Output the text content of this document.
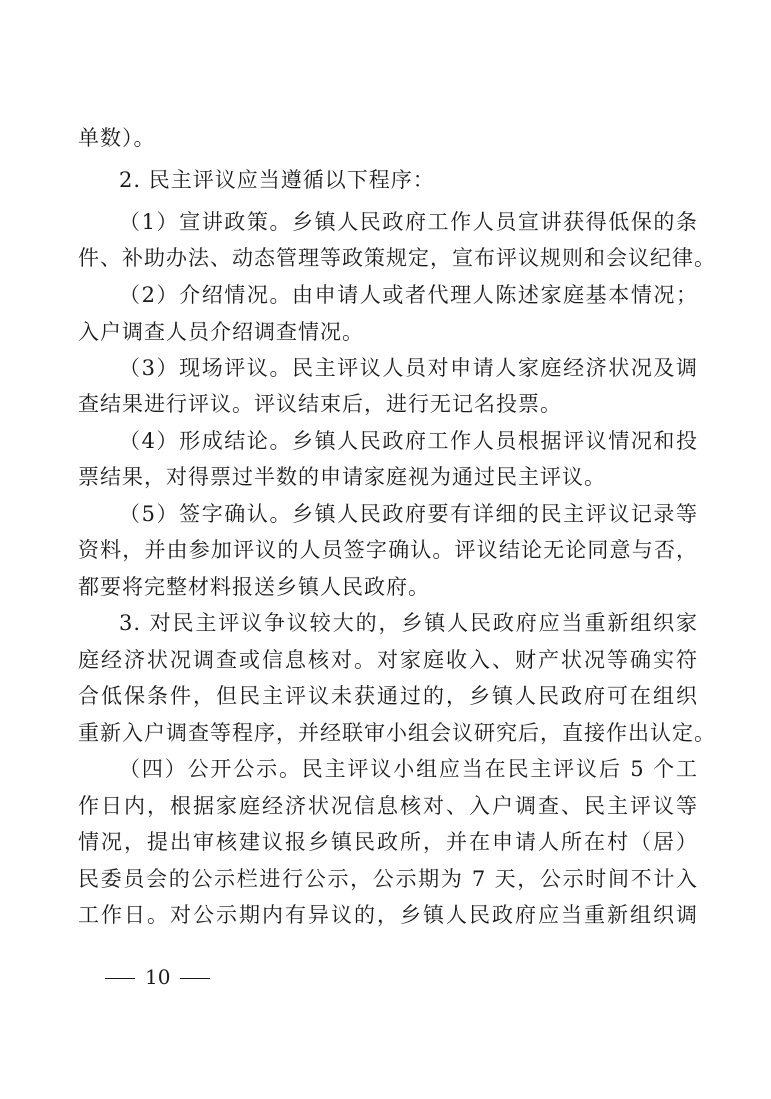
单数）。
2. 民主评议应当遵循以下程序：
（1）宣讲政策。乡镇人民政府工作人员宣讲获得低保的条
件、补助办法、动态管理等政策规定，宣布评议规则和会议纪律。
（2）介绍情况。由申请人或者代理人陈述家庭基本情况；
入户调查人员介绍调查情况。
（3）现场评议。民主评议人员对申请人家庭经济状况及调
查结果进行评议。评议结束后，进行无记名投票。
（4）形成结论。乡镇人民政府工作人员根据评议情况和投
票结果，对得票过半数的申请家庭视为通过民主评议。
（5）签字确认。乡镇人民政府要有详细的民主评议记录等
资料，并由参加评议的人员签字确认。评议结论无论同意与否，
都要将完整材料报送乡镇人民政府。
3. 对民主评议争议较大的，乡镇人民政府应当重新组织家
庭经济状况调查或信息核对。对家庭收入、财产状况等确实符
合低保条件，但民主评议未获通过的，乡镇人民政府可在组织
重新入户调查等程序，并经联审小组会议研究后，直接作出认定。
（四）公开公示。民主评议小组应当在民主评议后 5 个工
作日内，根据家庭经济状况信息核对、入户调查、民主评议等
情况，提出审核建议报乡镇民政所，并在申请人所在村（居）
民委员会的公示栏进行公示，公示期为 7 天，公示时间不计入
工作日。对公示期内有异议的，乡镇人民政府应当重新组织调
10
